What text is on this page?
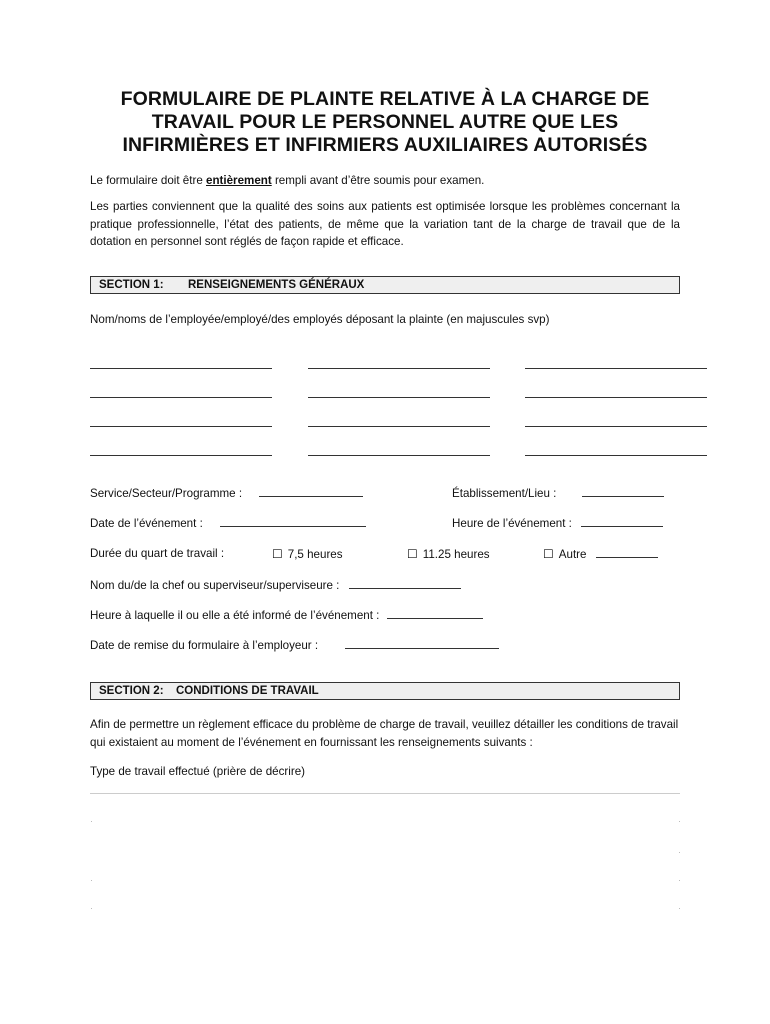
FORMULAIRE DE PLAINTE RELATIVE À LA CHARGE DE
TRAVAIL POUR LE PERSONNEL AUTRE QUE LES
INFIRMIÈRES ET INFIRMIERS AUXILIAIRES AUTORISÉS
Le formulaire doit être entièrement rempli avant d’être soumis pour examen.
Les parties conviennent que la qualité des soins aux patients est optimisée lorsque les problèmes concernant la pratique professionnelle, l’état des patients, de même que la variation tant de la charge de travail que de la dotation en personnel sont réglés de façon rapide et efficace.
SECTION 1: RENSEIGNEMENTS GÉNÉRAUX
Nom/noms de l’employée/employé/des employés déposant la plainte (en majuscules svp)
Service/Secteur/Programme :	Établissement/Lieu :
Date de l’événement :	Heure de l’événement :
Durée du quart de travail :	☐ 7,5 heures	☐ 11.25 heures	☐ Autre
Nom du/de la chef ou superviseur/superviseure :
Heure à laquelle il ou elle a été informé de l’événement :
Date de remise du formulaire à l’employeur :
SECTION 2: CONDITIONS DE TRAVAIL
Afin de permettre un règlement efficace du problème de charge de travail, veuillez détailler les conditions de travail qui existaient au moment de l’événement en fournissant les renseignements suivants :
Type de travail effectué (prière de décrire)
